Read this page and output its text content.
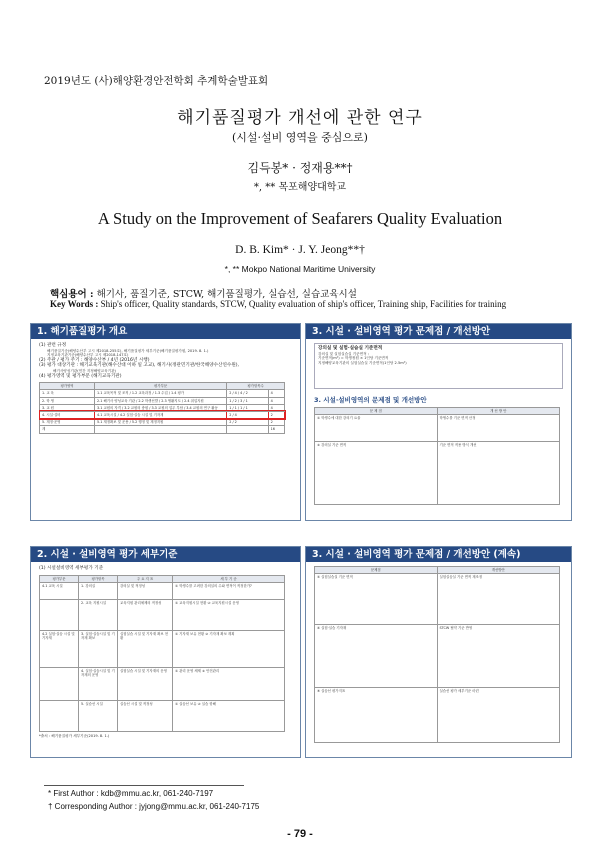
2019년도 (사)해양환경안전학회 추계학술발표회
해기품질평가 개선에 관한 연구
(시설·설비 영역을 중심으로)
김득봉* · 정재용**†
*, ** 목포해양대학교
A Study on the Improvement of Seafarers Quality Evaluation
D. B. Kim* · J. Y. Jeong**†
*, ** Mokpo National Maritime University
핵심용어 : 해기사, 품질기준, STCW, 해기품질평가, 실습선, 실습교육시설
Key Words : Ship's officer, Quality standards, STCW, Quality evaluation of ship's officer, Training ship, Facilities for training
1. 해기품질평가 개요
(1) 관련 규정
해기품질기준(해양수산부 고시 제2018-255호), 해기품질평가 세부기준(해기품질평가원, 2019. 8. 1.)
지정교육기관기준(해양수산부 고시 제2018-147호)
(2) 주관 / 평가 주기 : 해양수산부 / 4년 (2016년 시행)
(3) 평가 대상기관 : 해기교육기관(해수산대 이하 일 고교), 해기사(정관민기관/한국해양수산연수원),
해기사양성기관(민간 지정해양교육기관)
(4) 평가영역 및 평가부문 (해기교육기관)
평가영역	평가부문	평가항목수	
1. 교 육	1.1 교육목적 및 조직 / 1.2 교육과정 / 1.3 수업 / 1.4 평가	2 / 4 / 4 / 2	4
2. 학 생	2.1 해기사 양성교육 기관 / 2.2 학생선발 / 2.3 생활지도 / 2.4 취업지원	1 / 2 / 3 / 1	4
3. 교 원	3.1 교원의 자격 / 3.2 교원의 충원 / 3.3 교원의 업무 부담 / 3.4 교원의 연구 활동	1 / 1 / 1 / 1	4
4. 시설·설비	4.1 교육시설 / 4.2 실험·실습 시설 및 기자재	2 / 4	2
5. 재정·운영	5.1 재정확보 및 운용 / 5.2 행정 및 재정지원	2 / 2	2
계			16
3. 시설 · 설비영역 평가 문제점 / 개선방안
강의실 및 실험·실습실 기준면적
강의실 및 실험실습실 기준면적 :
기준면적(m²) = 학생정원 × 1인당 기준면적
지정해양교육기관의 실험실습실 기준면적(1인당 2.5m²)
3. 시설·설비영역의 문제점 및 개선방안
문 제 점	개 선 방 안
① 학생수에 대한 강의기 요율	학생수를 기준 면적 산정
② 강의실 기준 면적	기준 면적 적용 방식 개선
2. 시설 · 설비영역 평가 세부기준
(1) 시설설비영역 세부평가 기준
평가부문	평가항목	주 요 지 표	세 부 기 준
4.1 교육 시설	1. 강의실	강의실 및 적정성	① 학생수를 고려한 강의실의 수와 면적이 적정한가?
	2. 교육 지원시설	교육지원 관리체제의 적정성	① 교육지원시설 현황 ② 교육지원시설 운영
4.2 실험·실습 시설 및 기자재	3. 실험·실습시설 및 기자재 확보	실험실습 시설 및 기자재 확보 현황	① 기자재 보유 현황 ② 기자재 확보 계획
	4. 실험·실습시설 및 기자재의 운영	실험실습 시설 및 기자재의 운영	① 관리 운영 체제 ② 안전관리
	5. 실습선 시설	실습선 시설 및 적정성	① 실습선 보유 ② 실습 항해
*출처 : 해기품질평가 세부기준(2019. 8. 1.)
3. 시설 · 설비영역 평가 문제점 / 개선방안 (계속)
문제점	개선방안
③ 실험실습실 기준 면적	실험실습실 기준 면적 재조정
④ 실험·실습 기자재	STCW 협약 기준 반영
⑤ 실습선 평가지표	실습선 평가 세부기준 마련
* First Author : kdb@mmu.ac.kr, 061-240-7197
† Corresponding Author : jyjong@mmu.ac.kr, 061-240-7175
- 79 -
